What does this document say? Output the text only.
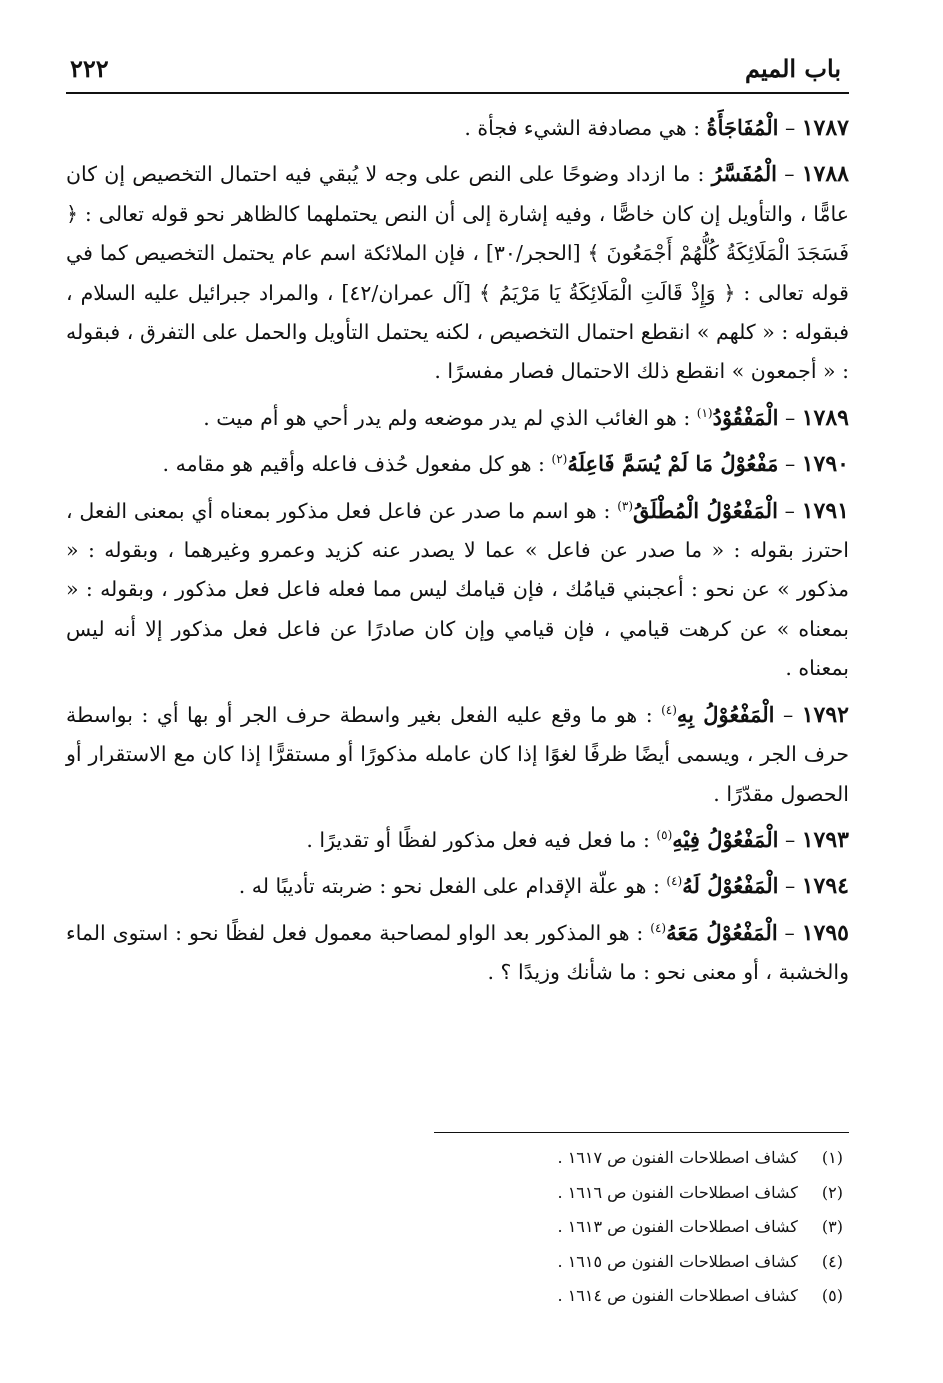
باب الميم
٢٢٢

١٧٨٧ – الْمُفَاجَأَةُ : هي مصادفة الشيء فجأة .

١٧٨٨ – الْمُفَسَّرُ : ما ازداد وضوحًا على النص على وجه لا يُبقي فيه احتمال التخصيص إن كان عامًّا ، والتأويل إن كان خاصًّا ، وفيه إشارة إلى أن النص يحتملهما كالظاهر نحو قوله تعالى : ﴿ فَسَجَدَ الْمَلَائِكَةُ كُلُّهُمْ أَجْمَعُونَ ﴾ [الحجر/٣٠] ، فإن الملائكة اسم عام يحتمل التخصيص كما في قوله تعالى : ﴿ وَإِذْ قَالَتِ الْمَلَائِكَةُ يَا مَرْيَمُ ﴾ [آل عمران/٤٢] ، والمراد جبرائيل عليه السلام ، فبقوله : « كلهم » انقطع احتمال التخصيص ، لكنه يحتمل التأويل والحمل على التفرق ، فبقوله : « أجمعون » انقطع ذلك الاحتمال فصار مفسرًا .

١٧٨٩ – الْمَفْقُوْدُ$^{(١)}$ : هو الغائب الذي لم يدر موضعه ولم يدر أحي هو أم ميت .

١٧٩٠ – مَفْعُوْلُ مَا لَمْ يُسَمَّ فَاعِلَهُ$^{(٢)}$ : هو كل مفعول حُذف فاعله وأقيم هو مقامه .

١٧٩١ – الْمَفْعُوْلُ الْمُطْلَقُ$^{(٣)}$ : هو اسم ما صدر عن فاعل فعل مذكور بمعناه أي بمعنى الفعل ، احترز بقوله : « ما صدر عن فاعل » عما لا يصدر عنه كزيد وعمرو وغيرهما ، وبقوله : « مذكور » عن نحو : أعجبني قيامُك ، فإن قيامك ليس مما فعله فاعل فعل مذكور ، وبقوله : « بمعناه » عن كرهت قيامي ، فإن قيامي وإن كان صادرًا عن فاعل فعل مذكور إلا أنه ليس بمعناه .

١٧٩٢ – الْمَفْعُوْلُ بِهِ$^{(٤)}$ : هو ما وقع عليه الفعل بغير واسطة حرف الجر أو بها أي : بواسطة حرف الجر ، ويسمى أيضًا ظرفًا لغوًا إذا كان عامله مذكورًا أو مستقرًّا إذا كان مع الاستقرار أو الحصول مقدّرًا .

١٧٩٣ – الْمَفْعُوْلُ فِيْهِ$^{(٥)}$ : ما فعل فيه فعل مذكور لفظًا أو تقديرًا .

١٧٩٤ – الْمَفْعُوْلُ لَهُ$^{(٤)}$ : هو علّة الإقدام على الفعل نحو : ضربته تأديبًا له .

١٧٩٥ – الْمَفْعُوْلُ مَعَهُ$^{(٤)}$ : هو المذكور بعد الواو لمصاحبة معمول فعل لفظًا نحو : استوى الماء والخشبة ، أو معنى نحو : ما شأنك وزيدًا ؟ .

(١) كشاف اصطلاحات الفنون ص ١٦١٧ .
(٢) كشاف اصطلاحات الفنون ص ١٦١٦ .
(٣) كشاف اصطلاحات الفنون ص ١٦١٣ .
(٤) كشاف اصطلاحات الفنون ص ١٦١٥ .
(٥) كشاف اصطلاحات الفنون ص ١٦١٤ .
